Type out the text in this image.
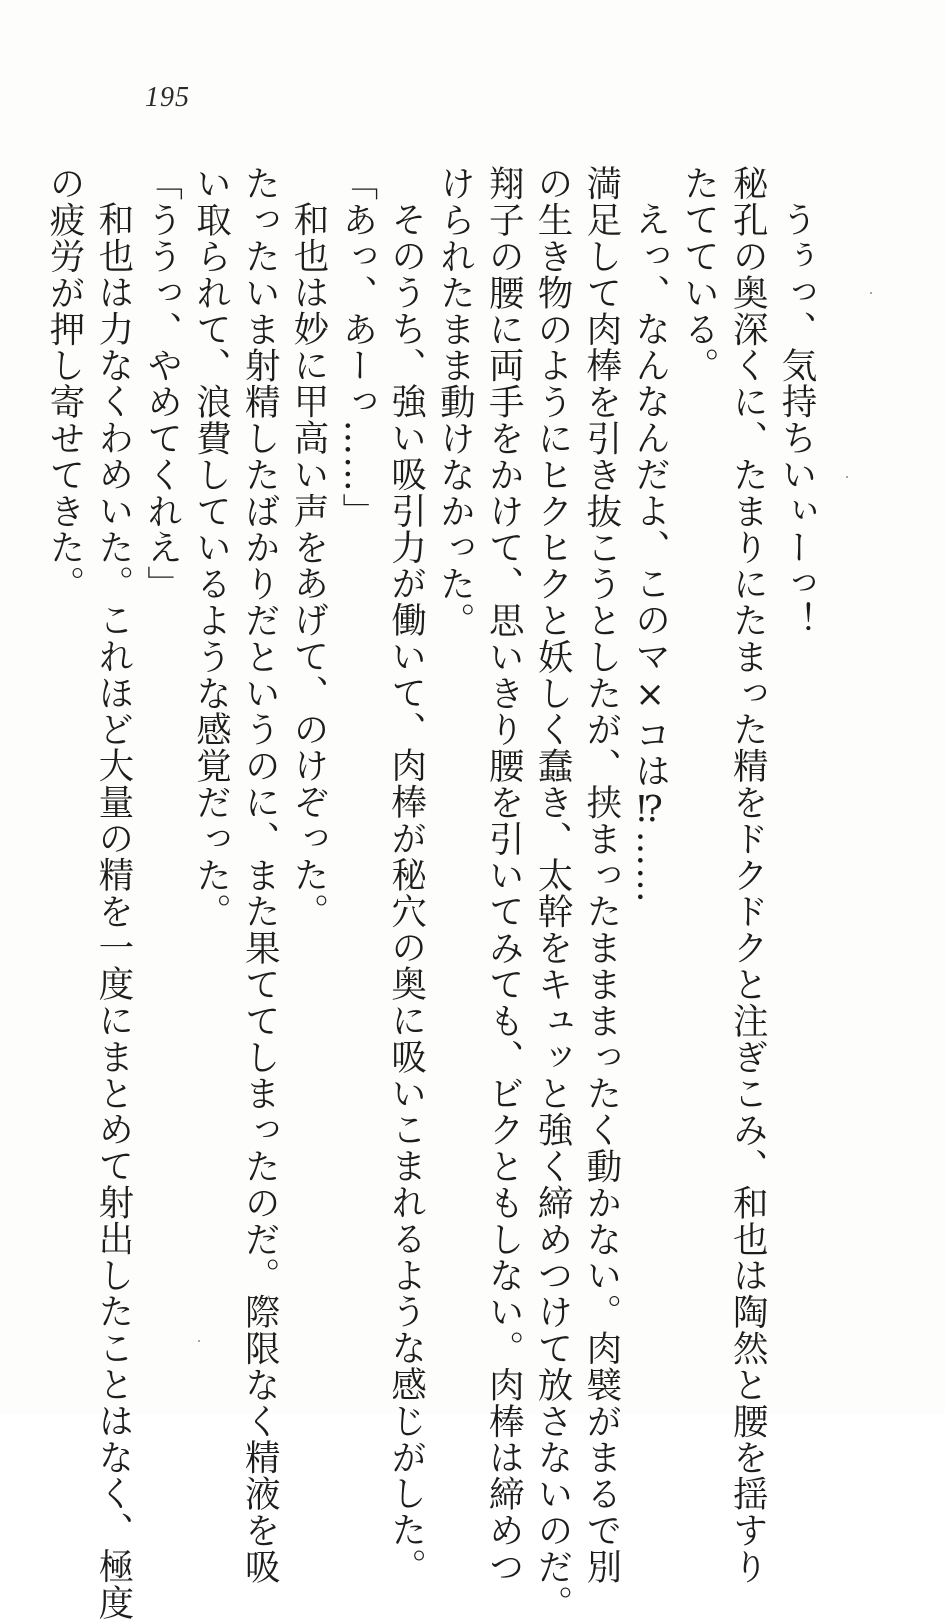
195
うぅっ、気持ちいぃーっ！
秘孔の奥深くに、たまりにたまった精をドクドクと注ぎこみ、和也は陶然と腰を揺すり
たてている。
えっ、なんなんだよ、このマ×コは⁉……
満足して肉棒を引き抜こうとしたが、挟まったまままったく動かない。肉襞がまるで別
の生き物のようにヒクヒクと妖しく蠢き、太幹をキュッと強く締めつけて放さないのだ。
翔子の腰に両手をかけて、思いきり腰を引いてみても、ビクともしない。肉棒は締めつ
けられたまま動けなかった。
そのうち、強い吸引力が働いて、肉棒が秘穴の奥に吸いこまれるような感じがした。
「あっ、あーっ……」
和也は妙に甲高い声をあげて、のけぞった。
たったいま射精したばかりだというのに、また果ててしまったのだ。際限なく精液を吸
い取られて、浪費しているような感覚だった。
「ううっ、やめてくれえ」
和也は力なくわめいた。これほど大量の精を一度にまとめて射出したことはなく、極度
の疲労が押し寄せてきた。
